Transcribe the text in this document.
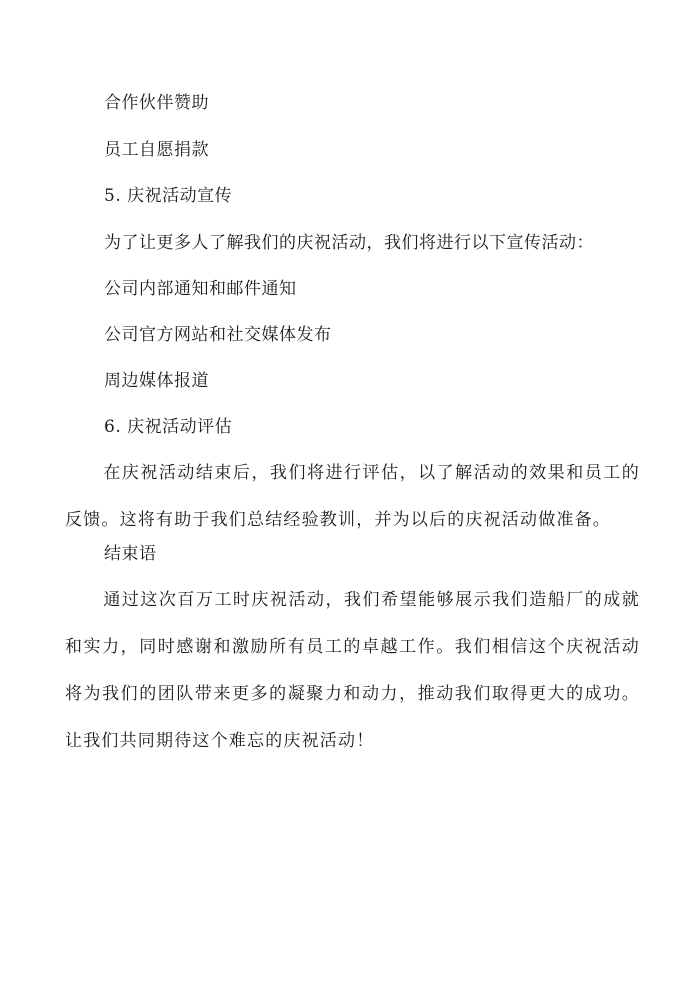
合作伙伴赞助
员工自愿捐款
5. 庆祝活动宣传
为了让更多人了解我们的庆祝活动，我们将进行以下宣传活动：
公司内部通知和邮件通知
公司官方网站和社交媒体发布
周边媒体报道
6. 庆祝活动评估
在庆祝活动结束后，我们将进行评估，以了解活动的效果和员工的反馈。这将有助于我们总结经验教训，并为以后的庆祝活动做准备。
结束语
通过这次百万工时庆祝活动，我们希望能够展示我们造船厂的成就和实力，同时感谢和激励所有员工的卓越工作。我们相信这个庆祝活动将为我们的团队带来更多的凝聚力和动力，推动我们取得更大的成功。让我们共同期待这个难忘的庆祝活动！
